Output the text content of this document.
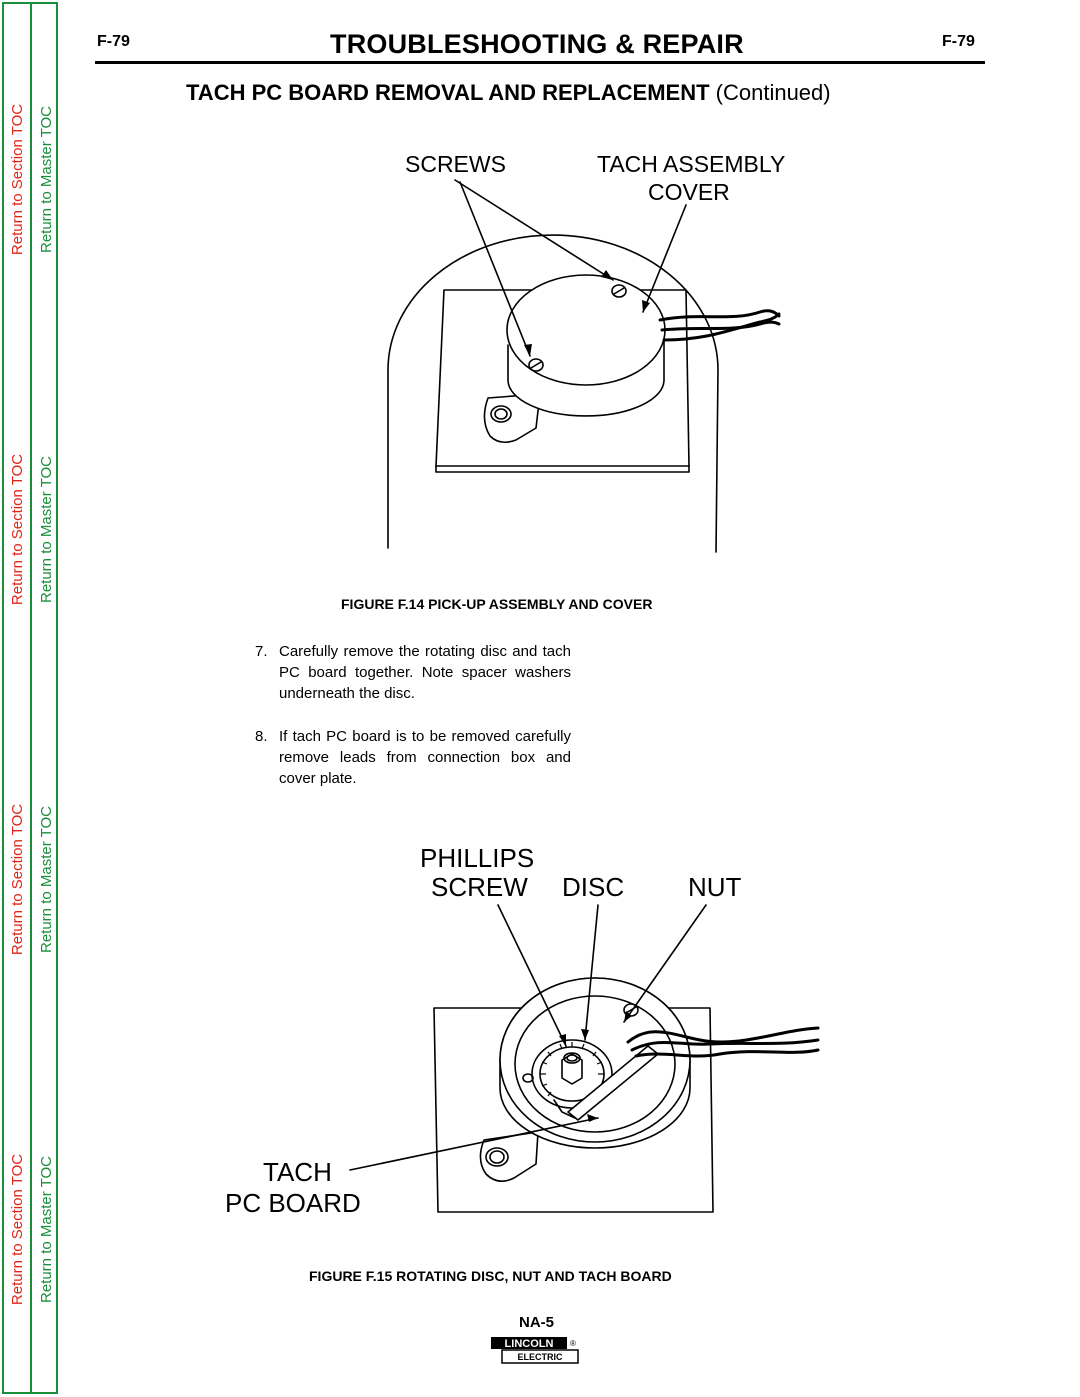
Return to Section TOC
Return to Section TOC
Return to Section TOC
Return to Section TOC
Return to Master TOC
Return to Master TOC
Return to Master TOC
Return to Master TOC
F-79	TROUBLESHOOTING & REPAIR	F-79
TACH PC BOARD REMOVAL AND REPLACEMENT (Continued)
SCREWS	TACH ASSEMBLY
COVER
FIGURE F.14 PICK-UP ASSEMBLY AND COVER
7. Carefully remove the rotating disc and tach PC board together. Note spacer washers underneath the disc.
8. If tach PC board is to be removed carefully remove leads from connection box and cover plate.
PHILLIPS
SCREW DISC NUT
TACH
PC BOARD
FIGURE F.15 ROTATING DISC, NUT AND TACH BOARD
NA-5
LINCOLN ®
ELECTRIC
